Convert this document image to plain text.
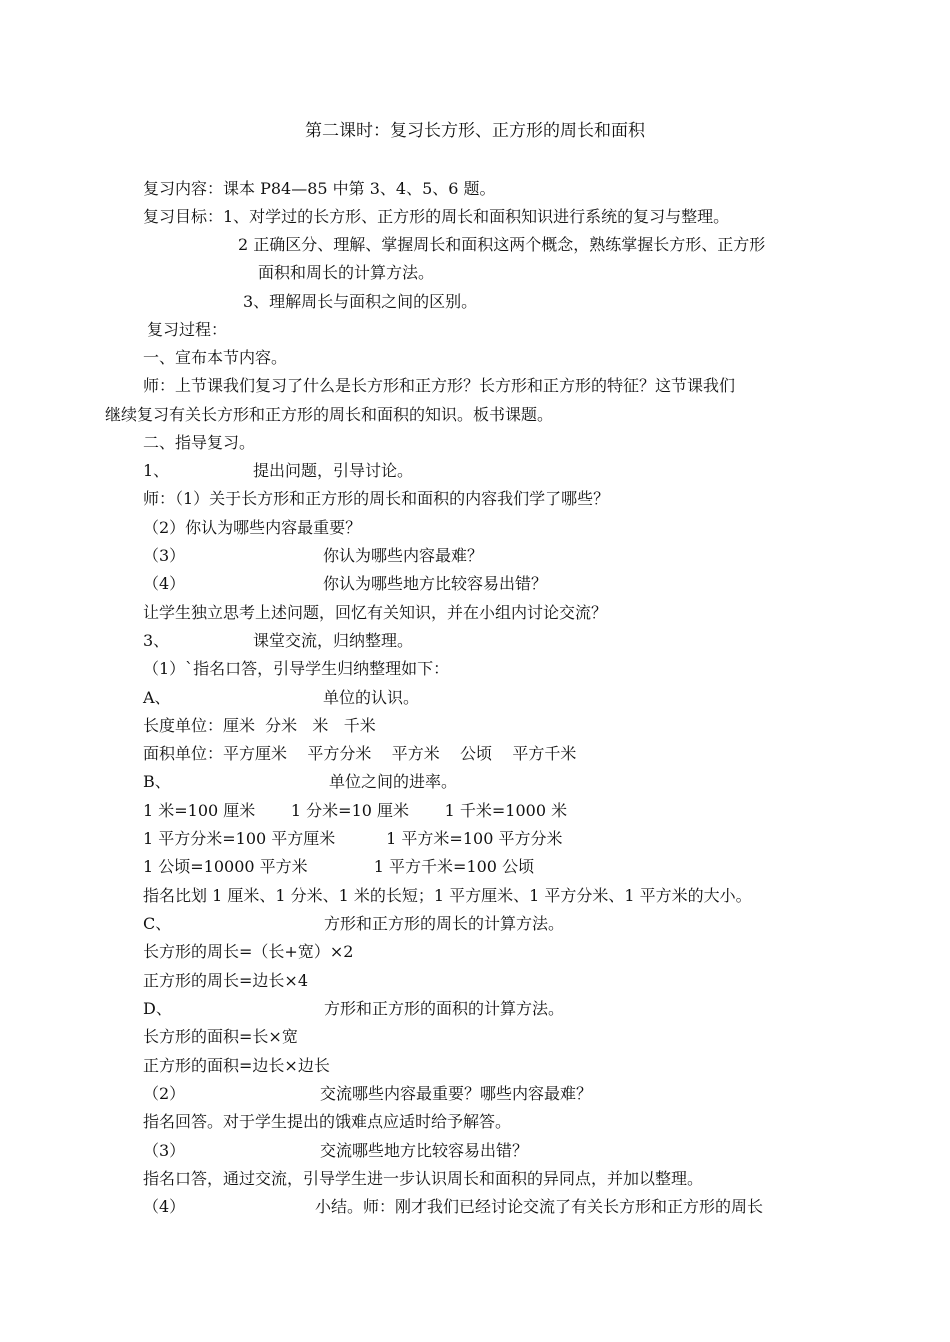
第二课时：复习长方形、正方形的周长和面积
复习内容：课本 P84—85 中第 3、4、5、6 题。
复习目标：1、对学过的长方形、正方形的周长和面积知识进行系统的复习与整理。
2 正确区分、理解、掌握周长和面积这两个概念，熟练掌握长方形、正方形
面积和周长的计算方法。
3、理解周长与面积之间的区别。
复习过程：
一、宣布本节内容。
师：上节课我们复习了什么是长方形和正方形？长方形和正方形的特征？这节课我们
继续复习有关长方形和正方形的周长和面积的知识。板书课题。
二、指导复习。
1、	提出问题，引导讨论。
师：（1）关于长方形和正方形的周长和面积的内容我们学了哪些？
（2）你认为哪些内容最重要？
（3）	你认为哪些内容最难？
（4）	你认为哪些地方比较容易出错？
让学生独立思考上述问题，回忆有关知识，并在小组内讨论交流？
3、	课堂交流，归纳整理。
（1）`指名口答，引导学生归纳整理如下：
A、	单位的认识。
长度单位：厘米  分米   米   千米
面积单位：平方厘米    平方分米    平方米    公顷    平方千米
B、	单位之间的进率。
1 米=100 厘米       1 分米=10 厘米       1 千米=1000 米
1 平方分米=100 平方厘米          1 平方米=100 平方分米
1 公顷=10000 平方米             1 平方千米=100 公顷
指名比划 1 厘米、1 分米、1 米的长短；1 平方厘米、1 平方分米、1 平方米的大小。
C、	方形和正方形的周长的计算方法。
长方形的周长=（长+宽）×2
正方形的周长=边长×4
D、	方形和正方形的面积的计算方法。
长方形的面积=长×宽
正方形的面积=边长×边长
（2）	交流哪些内容最重要？哪些内容最难？
指名回答。对于学生提出的饿难点应适时给予解答。
（3）	交流哪些地方比较容易出错？
指名口答，通过交流，引导学生进一步认识周长和面积的异同点，并加以整理。
（4）	小结。师：刚才我们已经讨论交流了有关长方形和正方形的周长
